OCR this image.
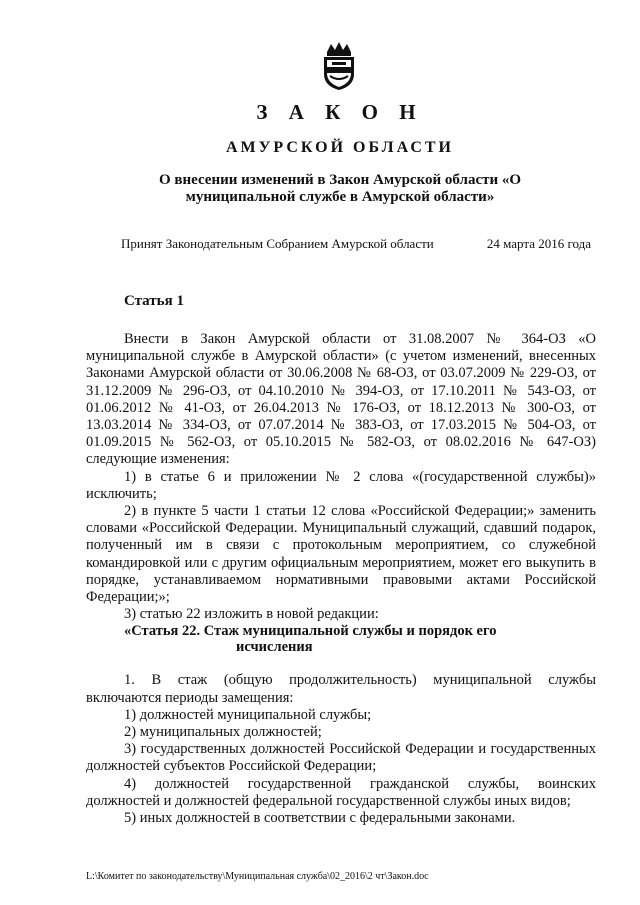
З А К О Н
АМУРСКОЙ ОБЛАСТИ
О внесении изменений в Закон Амурской области «О муниципальной службе в Амурской области»
Принят Законодательным Собранием Амурской области	24 марта 2016 года
Статья 1

Внести в Закон Амурской области от 31.08.2007 № 364-ОЗ «О муниципальной службе в Амурской области» (с учетом изменений, внесенных Законами Амурской области от 30.06.2008 № 68-ОЗ, от 03.07.2009 № 229-ОЗ, от 31.12.2009 № 296-ОЗ, от 04.10.2010 № 394-ОЗ, от 17.10.2011 № 543-ОЗ, от 01.06.2012 № 41-ОЗ, от 26.04.2013 № 176-ОЗ, от 18.12.2013 № 300-ОЗ, от 13.03.2014 № 334-ОЗ, от 07.07.2014 № 383-ОЗ, от 17.03.2015 № 504-ОЗ, от 01.09.2015 № 562-ОЗ, от 05.10.2015 № 582-ОЗ, от 08.02.2016 № 647-ОЗ) следующие изменения:

1) в статье 6 и приложении № 2 слова «(государственной службы)» исключить;

2) в пункте 5 части 1 статьи 12 слова «Российской Федерации;» заменить словами «Российской Федерации. Муниципальный служащий, сдавший подарок, полученный им в связи с протокольным мероприятием, со служебной командировкой или с другим официальным мероприятием, может его выкупить в порядке, устанавливаемом нормативными правовыми актами Российской Федерации;»;

3) статью 22 изложить в новой редакции:

«Статья 22. Стаж муниципальной службы и порядок его
исчисления

1. В стаж (общую продолжительность) муниципальной службы включаются периоды замещения:

1) должностей муниципальной службы;

2) муниципальных должностей;

3) государственных должностей Российской Федерации и государственных должностей субъектов Российской Федерации;

4) должностей государственной гражданской службы, воинских должностей и должностей федеральной государственной службы иных видов;

5) иных должностей в соответствии с федеральными законами.

L:\Комитет по законодательству\Муниципальная служба\02_2016\2 чт\Закон.doc
